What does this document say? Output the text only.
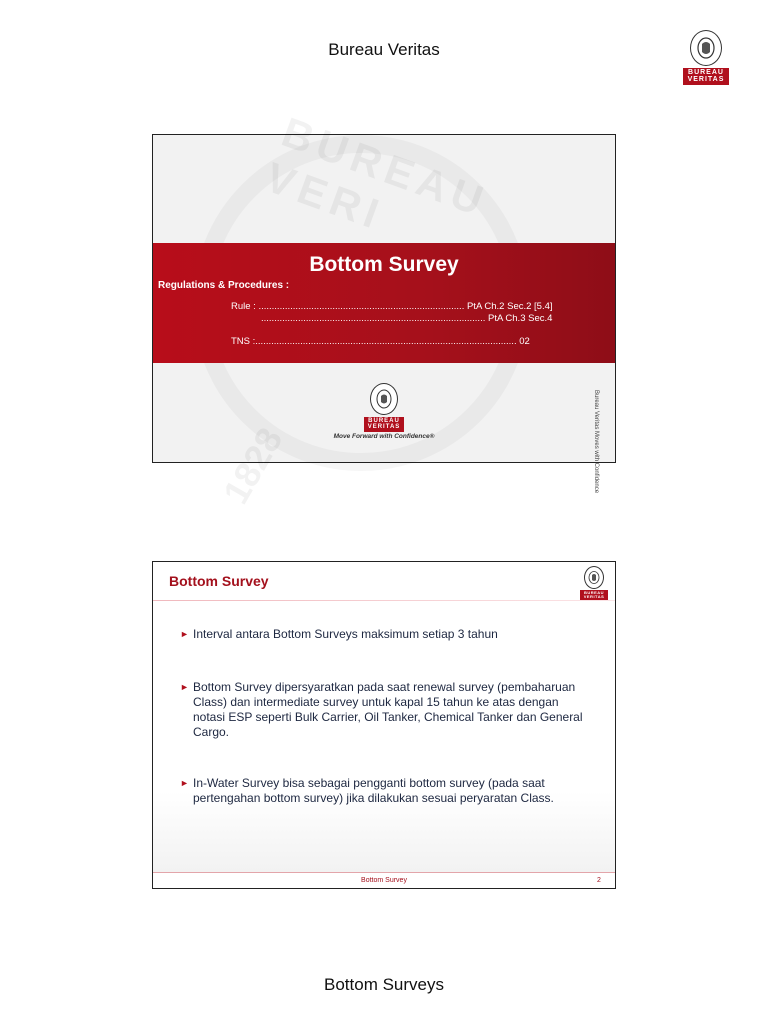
Bureau Veritas
BUREAU
VERITAS
BUREAU VERI
1828
Bottom Survey
Regulations & Procedures :
Rule : .............................................................................. PtA Ch.2 Sec.2 [5.4]
..................................................................................... PtA Ch.3 Sec.4
TNS :................................................................................................... 02
BUREAU
VERITAS
Move Forward with Confidence®	Bureau Veritas Moves with Confidence
Bottom Survey
BUREAU
VERITAS
► Interval antara Bottom Surveys maksimum setiap 3 tahun
► Bottom Survey dipersyaratkan pada saat renewal survey (pembaharuan Class) dan intermediate survey untuk kapal 15 tahun ke atas dengan notasi ESP seperti Bulk Carrier, Oil Tanker, Chemical Tanker dan General Cargo.
► In-Water Survey bisa sebagai pengganti bottom survey (pada saat pertengahan bottom survey) jika dilakukan sesuai peryaratan Class.
Bottom Survey	2
Bottom Surveys
